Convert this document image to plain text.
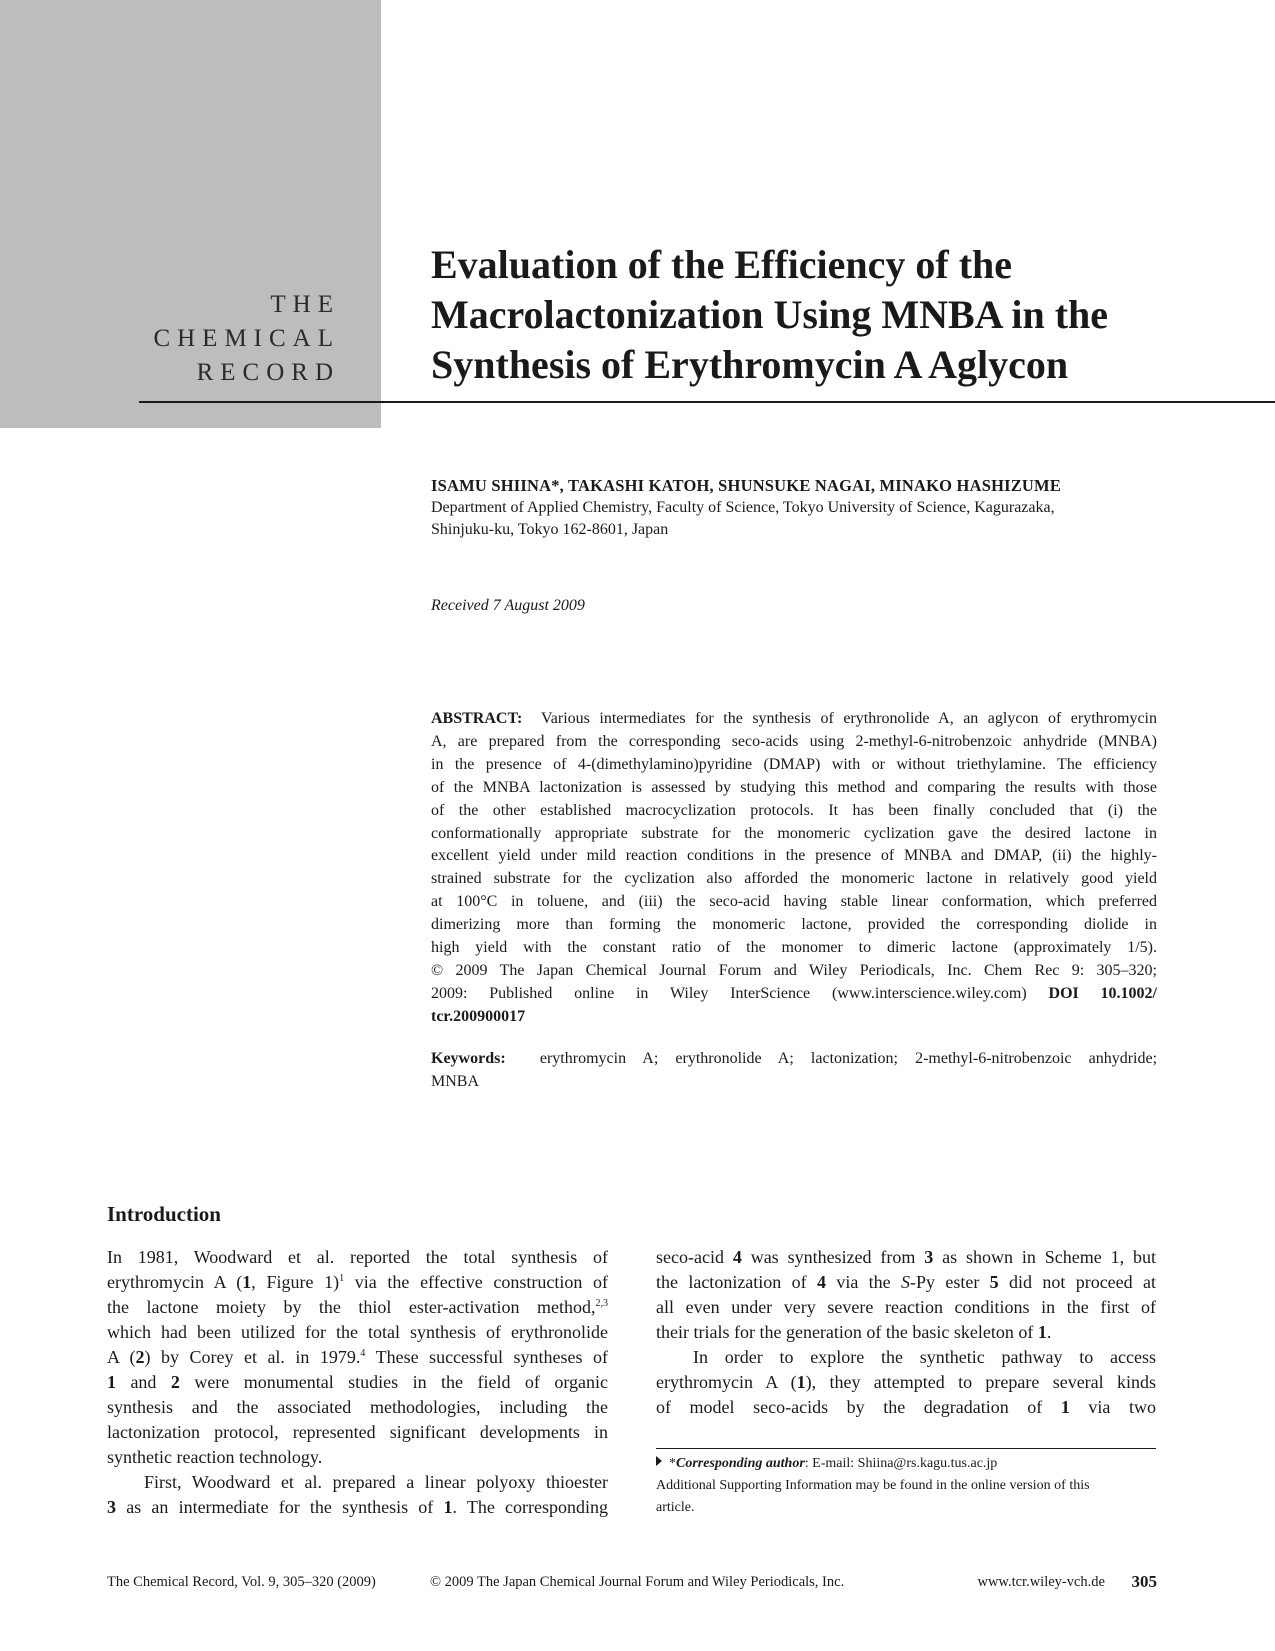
THE
CHEMICAL
RECORD
Evaluation of the Efficiency of the
Macrolactonization Using MNBA in the
Synthesis of Erythromycin A Aglycon
ISAMU SHIINA*, TAKASHI KATOH, SHUNSUKE NAGAI, MINAKO HASHIZUME
Department of Applied Chemistry, Faculty of Science, Tokyo University of Science, Kagurazaka,
Shinjuku-ku, Tokyo 162-8601, Japan
Received 7 August 2009
ABSTRACT: Various intermediates for the synthesis of erythronolide A, an aglycon of erythromycin
A, are prepared from the corresponding seco-acids using 2-methyl-6-nitrobenzoic anhydride (MNBA)
in the presence of 4-(dimethylamino)pyridine (DMAP) with or without triethylamine. The efficiency
of the MNBA lactonization is assessed by studying this method and comparing the results with those
of the other established macrocyclization protocols. It has been finally concluded that (i) the
conformationally appropriate substrate for the monomeric cyclization gave the desired lactone in
excellent yield under mild reaction conditions in the presence of MNBA and DMAP, (ii) the highly-
strained substrate for the cyclization also afforded the monomeric lactone in relatively good yield
at 100°C in toluene, and (iii) the seco-acid having stable linear conformation, which preferred
dimerizing more than forming the monomeric lactone, provided the corresponding diolide in
high yield with the constant ratio of the monomer to dimeric lactone (approximately 1/5).
© 2009 The Japan Chemical Journal Forum and Wiley Periodicals, Inc. Chem Rec 9: 305–320;
2009: Published online in Wiley InterScience (www.interscience.wiley.com) DOI 10.1002/
tcr.200900017
Keywords: erythromycin A; erythronolide A; lactonization; 2-methyl-6-nitrobenzoic anhydride;
MNBA
Introduction
In 1981, Woodward et al. reported the total synthesis of
erythromycin A (1, Figure 1)$^1$ via the effective construction of
the lactone moiety by the thiol ester-activation method,$^{2,3}$
which had been utilized for the total synthesis of erythronolide
A (2) by Corey et al. in 1979.$^4$ These successful syntheses of
1 and 2 were monumental studies in the field of organic
synthesis and the associated methodologies, including the
lactonization protocol, represented significant developments in
synthetic reaction technology.
First, Woodward et al. prepared a linear polyoxy thioester
3 as an intermediate for the synthesis of 1. The corresponding
seco-acid 4 was synthesized from 3 as shown in Scheme 1, but
the lactonization of 4 via the S-Py ester 5 did not proceed at
all even under very severe reaction conditions in the first of
their trials for the generation of the basic skeleton of 1.
In order to explore the synthetic pathway to access
erythromycin A (1), they attempted to prepare several kinds
of model seco-acids by the degradation of 1 via two
*Corresponding author: E-mail: Shiina@rs.kagu.tus.ac.jp
Additional Supporting Information may be found in the online version of this
article.
The Chemical Record, Vol. 9, 305–320 (2009)	© 2009 The Japan Chemical Journal Forum and Wiley Periodicals, Inc.	www.tcr.wiley-vch.de 305
